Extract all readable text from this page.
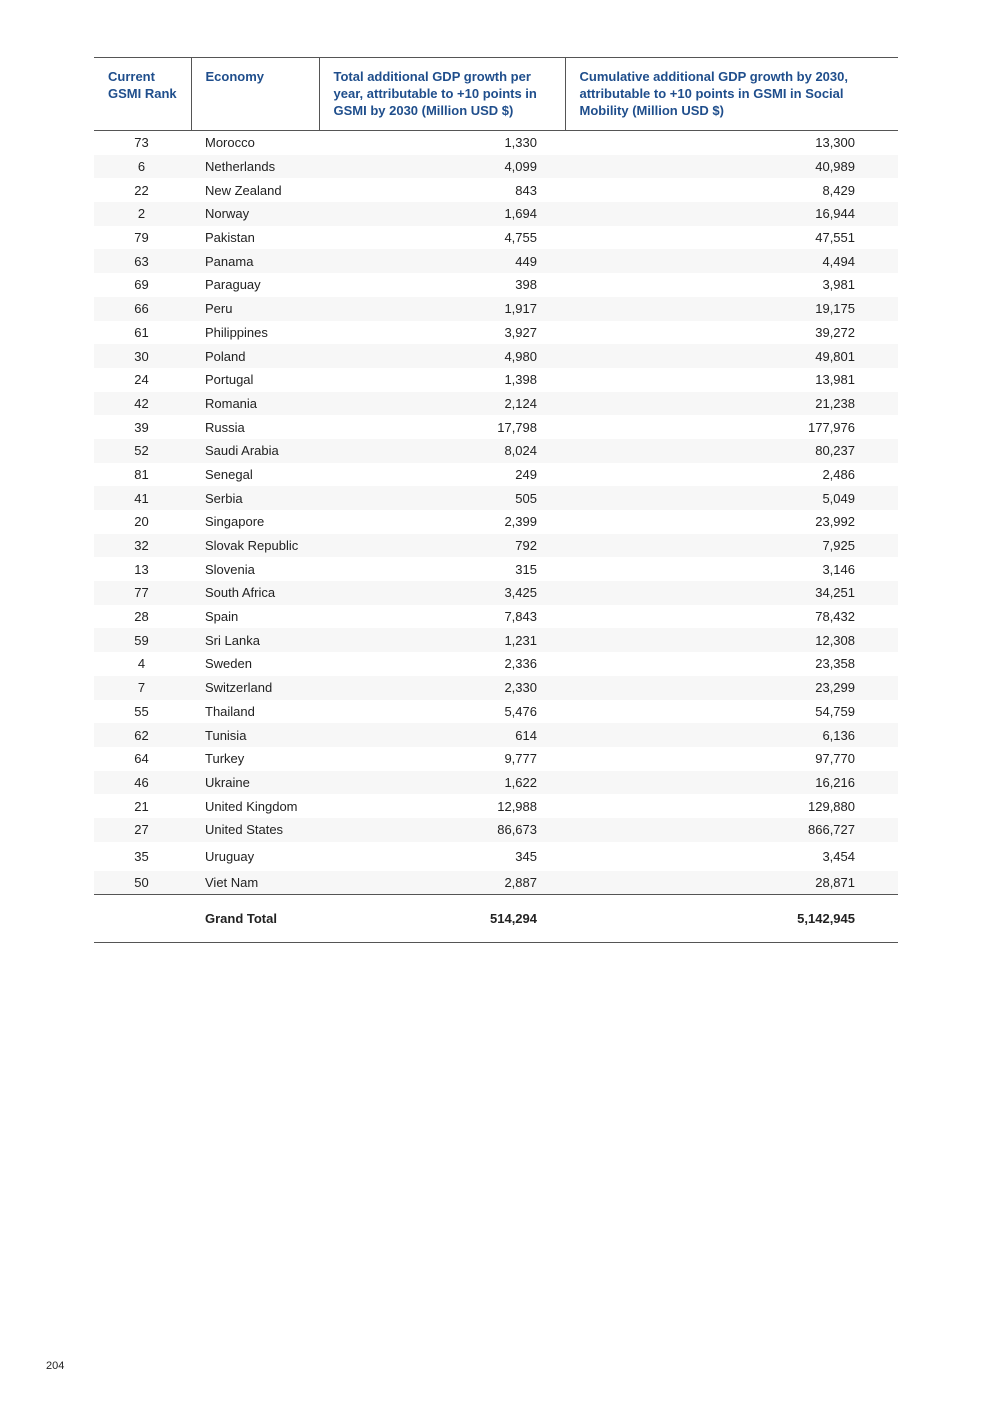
Current
GSMI Rank	Economy	Total additional GDP growth per year, attributable to +10 points in GSMI by 2030 (Million USD $)	Cumulative additional GDP growth by 2030, attributable to +10 points in GSMI in Social Mobility (Million USD $)
73	Morocco	1,330	13,300
6	Netherlands	4,099	40,989
22	New Zealand	843	8,429
2	Norway	1,694	16,944
79	Pakistan	4,755	47,551
63	Panama	449	4,494
69	Paraguay	398	3,981
66	Peru	1,917	19,175
61	Philippines	3,927	39,272
30	Poland	4,980	49,801
24	Portugal	1,398	13,981
42	Romania	2,124	21,238
39	Russia	17,798	177,976
52	Saudi Arabia	8,024	80,237
81	Senegal	249	2,486
41	Serbia	505	5,049
20	Singapore	2,399	23,992
32	Slovak Republic	792	7,925
13	Slovenia	315	3,146
77	South Africa	3,425	34,251
28	Spain	7,843	78,432
59	Sri Lanka	1,231	12,308
4	Sweden	2,336	23,358
7	Switzerland	2,330	23,299
55	Thailand	5,476	54,759
62	Tunisia	614	6,136
64	Turkey	9,777	97,770
46	Ukraine	1,622	16,216
21	United Kingdom	12,988	129,880
27	United States	86,673	866,727
35	Uruguay	345	3,454
50	Viet Nam	2,887	28,871
	Grand Total	514,294	5,142,945
204
